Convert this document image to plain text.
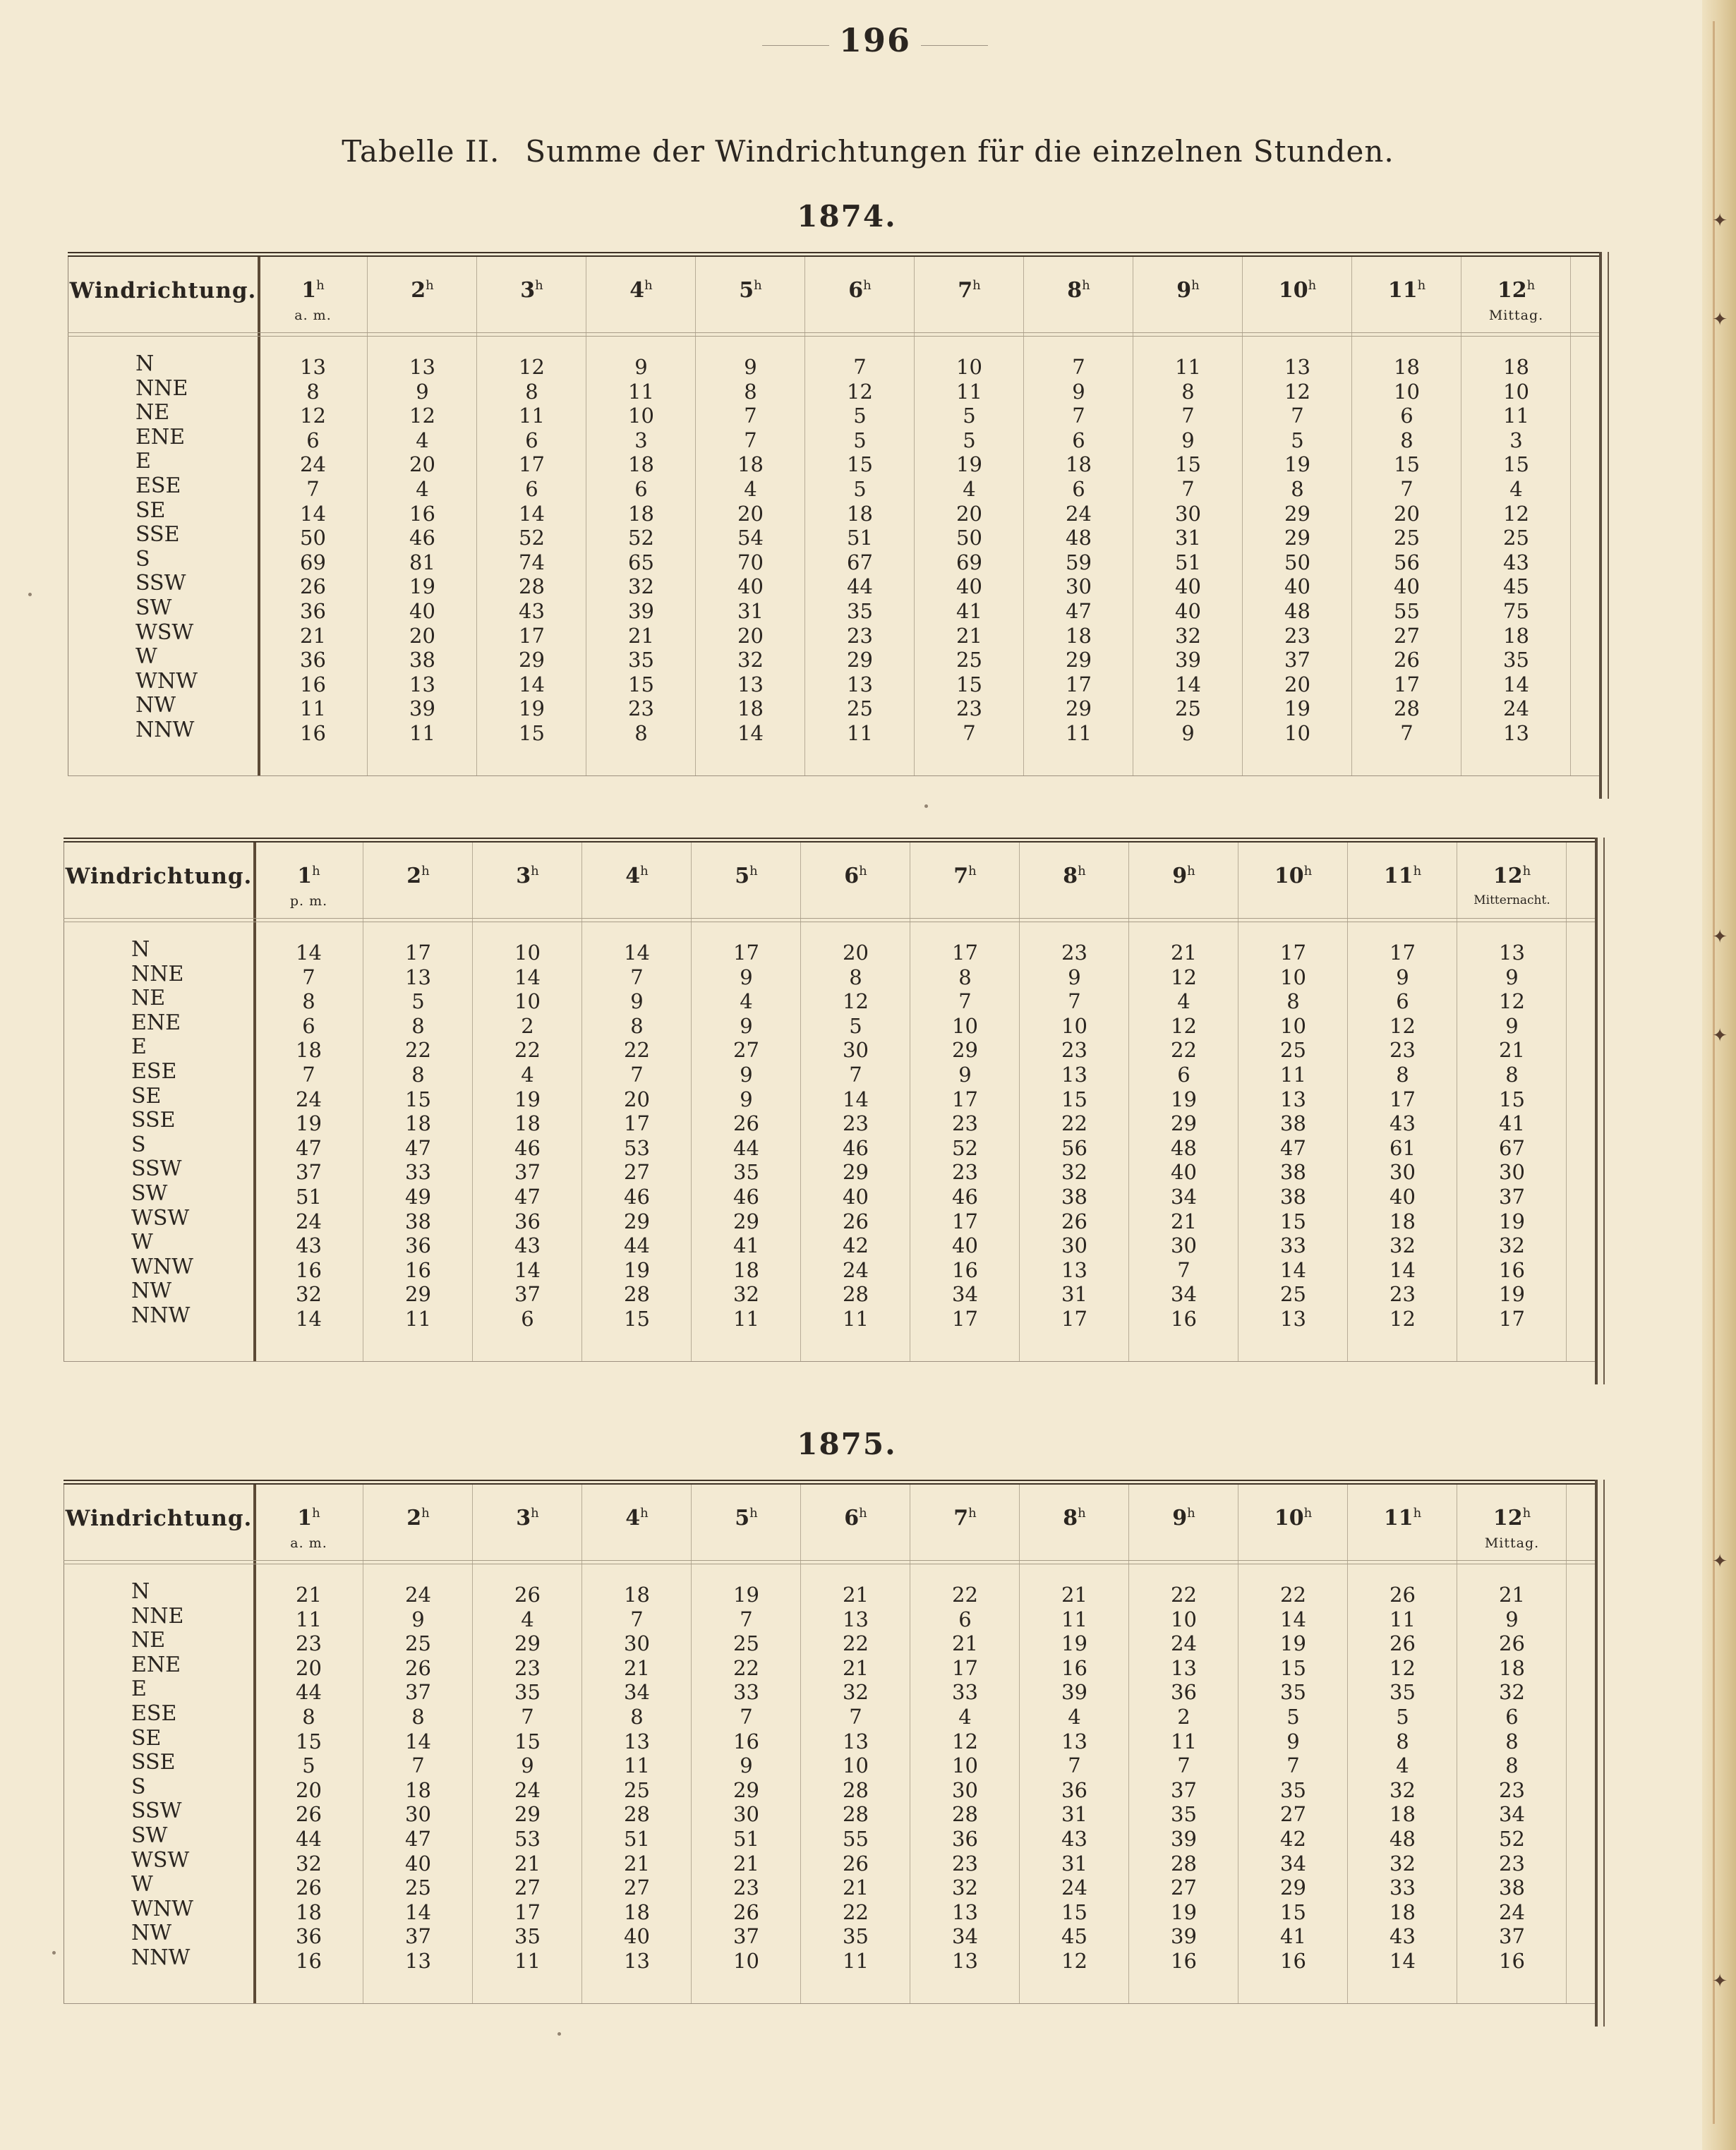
✦
✦
✦
✦
✦
✦
196
Tabelle II. Summe der Windrichtungen für die einzelnen Stunden.
1874.
Windrichtung.	1$^h$	2$^h$	3$^h$	4$^h$	5$^h$	6$^h$	7$^h$	8$^h$	9$^h$	10$^h$	11$^h$	12$^h$
a. m.	Mittag.
N	13	13	12	9	9	7	10	7	11	13	18	18
NNE	8	9	8	11	8	12	11	9	8	12	10	10
NE	12	12	11	10	7	5	5	7	7	7	6	11
ENE	6	4	6	3	7	5	5	6	9	5	8	3
E	24	20	17	18	18	15	19	18	15	19	15	15
ESE	7	4	6	6	4	5	4	6	7	8	7	4
SE	14	16	14	18	20	18	20	24	30	29	20	12
SSE	50	46	52	52	54	51	50	48	31	29	25	25
S	69	81	74	65	70	67	69	59	51	50	56	43
SSW	26	19	28	32	40	44	40	30	40	40	40	45
SW	36	40	43	39	31	35	41	47	40	48	55	75
WSW	21	20	17	21	20	23	21	18	32	23	27	18
W	36	38	29	35	32	29	25	29	39	37	26	35
WNW	16	13	14	15	13	13	15	17	14	20	17	14
NW	11	39	19	23	18	25	23	29	25	19	28	24
NNW	16	11	15	8	14	11	7	11	9	10	7	13
Windrichtung.	1$^h$	2$^h$	3$^h$	4$^h$	5$^h$	6$^h$	7$^h$	8$^h$	9$^h$	10$^h$	11$^h$	12$^h$
p. m.	Mitternacht.
N	14	17	10	14	17	20	17	23	21	17	17	13
NNE	7	13	14	7	9	8	8	9	12	10	9	9
NE	8	5	10	9	4	12	7	7	4	8	6	12
ENE	6	8	2	8	9	5	10	10	12	10	12	9
E	18	22	22	22	27	30	29	23	22	25	23	21
ESE	7	8	4	7	9	7	9	13	6	11	8	8
SE	24	15	19	20	9	14	17	15	19	13	17	15
SSE	19	18	18	17	26	23	23	22	29	38	43	41
S	47	47	46	53	44	46	52	56	48	47	61	67
SSW	37	33	37	27	35	29	23	32	40	38	30	30
SW	51	49	47	46	46	40	46	38	34	38	40	37
WSW	24	38	36	29	29	26	17	26	21	15	18	19
W	43	36	43	44	41	42	40	30	30	33	32	32
WNW	16	16	14	19	18	24	16	13	7	14	14	16
NW	32	29	37	28	32	28	34	31	34	25	23	19
NNW	14	11	6	15	11	11	17	17	16	13	12	17
1875.
Windrichtung.	1$^h$	2$^h$	3$^h$	4$^h$	5$^h$	6$^h$	7$^h$	8$^h$	9$^h$	10$^h$	11$^h$	12$^h$
a. m.	Mittag.
N	21	24	26	18	19	21	22	21	22	22	26	21
NNE	11	9	4	7	7	13	6	11	10	14	11	9
NE	23	25	29	30	25	22	21	19	24	19	26	26
ENE	20	26	23	21	22	21	17	16	13	15	12	18
E	44	37	35	34	33	32	33	39	36	35	35	32
ESE	8	8	7	8	7	7	4	4	2	5	5	6
SE	15	14	15	13	16	13	12	13	11	9	8	8
SSE	5	7	9	11	9	10	10	7	7	7	4	8
S	20	18	24	25	29	28	30	36	37	35	32	23
SSW	26	30	29	28	30	28	28	31	35	27	18	34
SW	44	47	53	51	51	55	36	43	39	42	48	52
WSW	32	40	21	21	21	26	23	31	28	34	32	23
W	26	25	27	27	23	21	32	24	27	29	33	38
WNW	18	14	17	18	26	22	13	15	19	15	18	24
NW	36	37	35	40	37	35	34	45	39	41	43	37
NNW	16	13	11	13	10	11	13	12	16	16	14	16
